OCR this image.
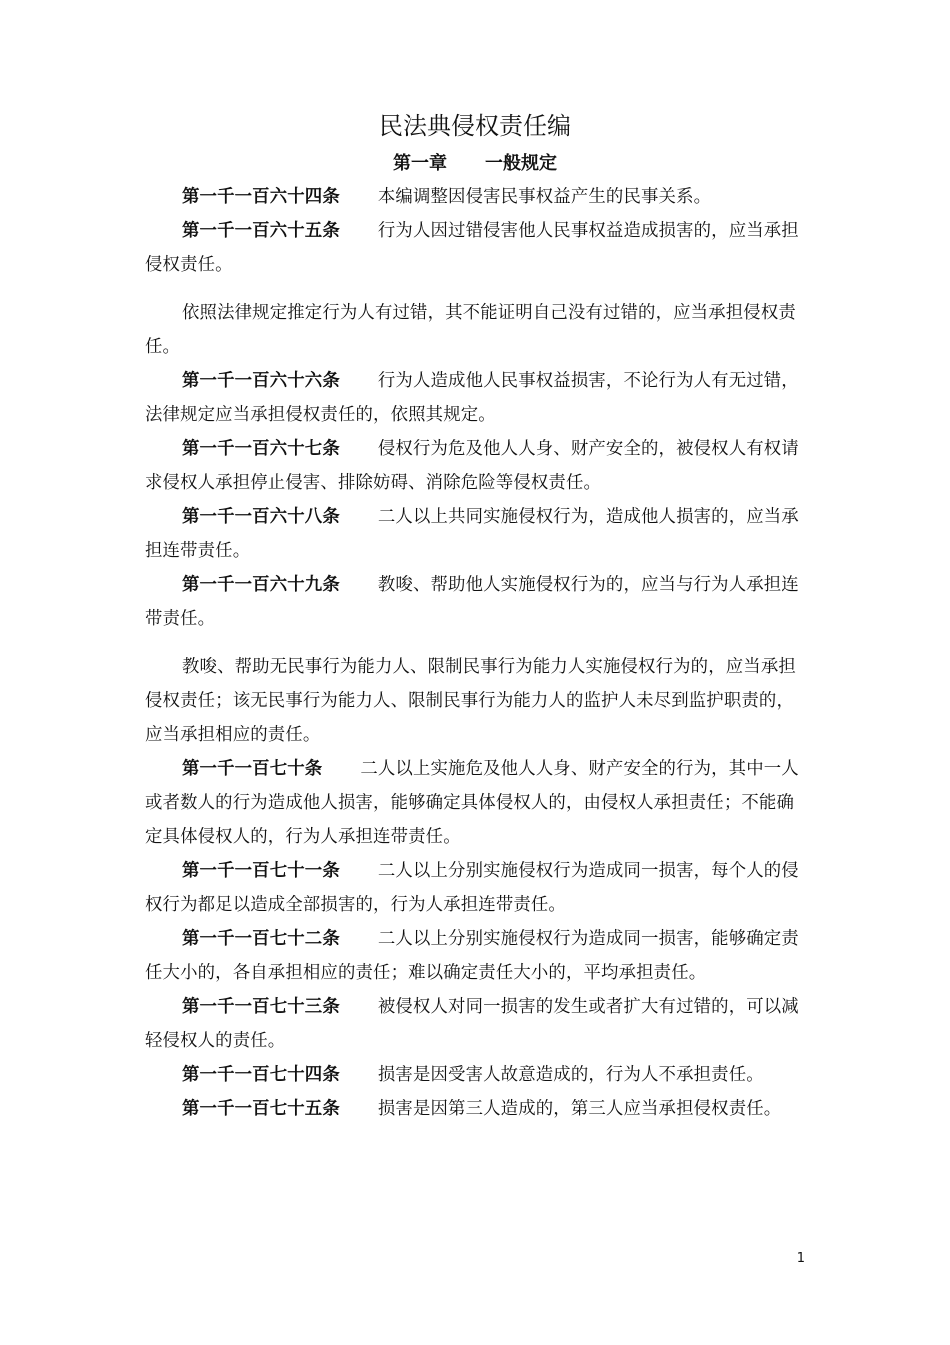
民法典侵权责任编
第一章 一般规定

第一千一百六十四条 本编调整因侵害民事权益产生的民事关系。

第一千一百六十五条 行为人因过错侵害他人民事权益造成损害的，应当承担侵权责任。

依照法律规定推定行为人有过错，其不能证明自己没有过错的，应当承担侵权责任。

第一千一百六十六条 行为人造成他人民事权益损害，不论行为人有无过错，法律规定应当承担侵权责任的，依照其规定。

第一千一百六十七条 侵权行为危及他人人身、财产安全的，被侵权人有权请求侵权人承担停止侵害、排除妨碍、消除危险等侵权责任。

第一千一百六十八条 二人以上共同实施侵权行为，造成他人损害的，应当承担连带责任。

第一千一百六十九条 教唆、帮助他人实施侵权行为的，应当与行为人承担连带责任。

教唆、帮助无民事行为能力人、限制民事行为能力人实施侵权行为的，应当承担侵权责任；该无民事行为能力人、限制民事行为能力人的监护人未尽到监护职责的，应当承担相应的责任。

第一千一百七十条 二人以上实施危及他人人身、财产安全的行为，其中一人或者数人的行为造成他人损害，能够确定具体侵权人的，由侵权人承担责任；不能确定具体侵权人的，行为人承担连带责任。

第一千一百七十一条 二人以上分别实施侵权行为造成同一损害，每个人的侵权行为都足以造成全部损害的，行为人承担连带责任。

第一千一百七十二条 二人以上分别实施侵权行为造成同一损害，能够确定责任大小的，各自承担相应的责任；难以确定责任大小的，平均承担责任。

第一千一百七十三条 被侵权人对同一损害的发生或者扩大有过错的，可以减轻侵权人的责任。

第一千一百七十四条 损害是因受害人故意造成的，行为人不承担责任。

第一千一百七十五条 损害是因第三人造成的，第三人应当承担侵权责任。

1
